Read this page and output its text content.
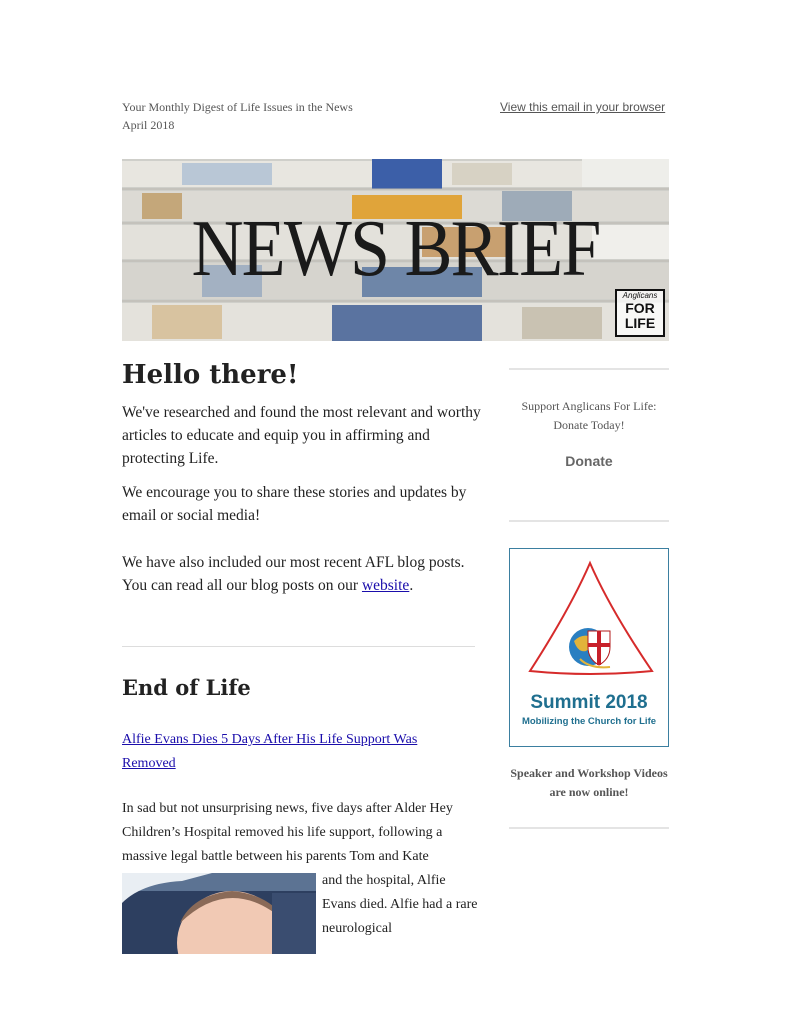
Your Monthly Digest of Life Issues in the News
April 2018
View this email in your browser
NEWS BRIEF
Anglicans
FOR
LIFE
Hello there!
We've researched and found the most relevant and worthy articles to educate and equip you in affirming and protecting Life.
We encourage you to share these stories and updates by email or social media!
We have also included our most recent AFL blog posts. You can read all our blog posts on our website.
End of Life
Alfie Evans Dies 5 Days After His Life Support Was Removed
In sad but not unsurprising news, five days after Alder Hey Children’s Hospital removed his life support, following a massive legal battle between his parents Tom and Kate
and the hospital, Alfie Evans died. Alfie had a rare neurological
Support Anglicans For Life: Donate Today!
Donate
Summit 2018
Mobilizing the Church for Life
Speaker and Workshop Videos are now online!
